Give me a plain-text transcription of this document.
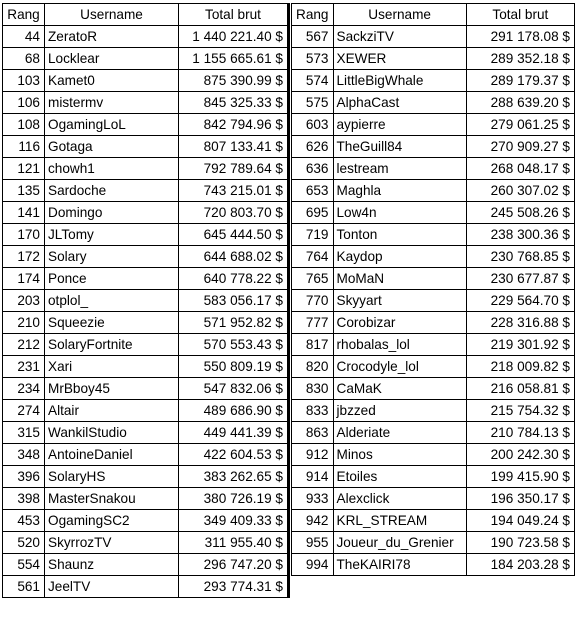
Rang	Username	Total brut
44	ZeratoR	1 440 221.40 $
68	Locklear	1 155 665.61 $
103	Kamet0	875 390.99 $
106	mistermv	845 325.33 $
108	OgamingLoL	842 794.96 $
116	Gotaga	807 133.41 $
121	chowh1	792 789.64 $
135	Sardoche	743 215.01 $
141	Domingo	720 803.70 $
170	JLTomy	645 444.50 $
172	Solary	644 688.02 $
174	Ponce	640 778.22 $
203	otplol_	583 056.17 $
210	Squeezie	571 952.82 $
212	SolaryFortnite	570 553.43 $
231	Xari	550 809.19 $
234	MrBboy45	547 832.06 $
274	Altair	489 686.90 $
315	WankilStudio	449 441.39 $
348	AntoineDaniel	422 604.53 $
396	SolaryHS	383 262.65 $
398	MasterSnakou	380 726.19 $
453	OgamingSC2	349 409.33 $
520	SkyrrozTV	311 955.40 $
554	Shaunz	296 747.20 $
561	JeelTV	293 774.31 $
Rang	Username	Total brut
567	SackziTV	291 178.08 $
573	XEWER	289 352.18 $
574	LittleBigWhale	289 179.37 $
575	AlphaCast	288 639.20 $
603	aypierre	279 061.25 $
626	TheGuill84	270 909.27 $
636	lestream	268 048.17 $
653	Maghla	260 307.02 $
695	Low4n	245 508.26 $
719	Tonton	238 300.36 $
764	Kaydop	230 768.85 $
765	MoMaN	230 677.87 $
770	Skyyart	229 564.70 $
777	Corobizar	228 316.88 $
817	rhobalas_lol	219 301.92 $
820	Crocodyle_lol	218 009.82 $
830	CaMaK	216 058.81 $
833	jbzzed	215 754.32 $
863	Alderiate	210 784.13 $
912	Minos	200 242.30 $
914	Etoiles	199 415.90 $
933	Alexclick	196 350.17 $
942	KRL_STREAM	194 049.24 $
955	Joueur_du_Grenier	190 723.58 $
994	TheKAIRI78	184 203.28 $
